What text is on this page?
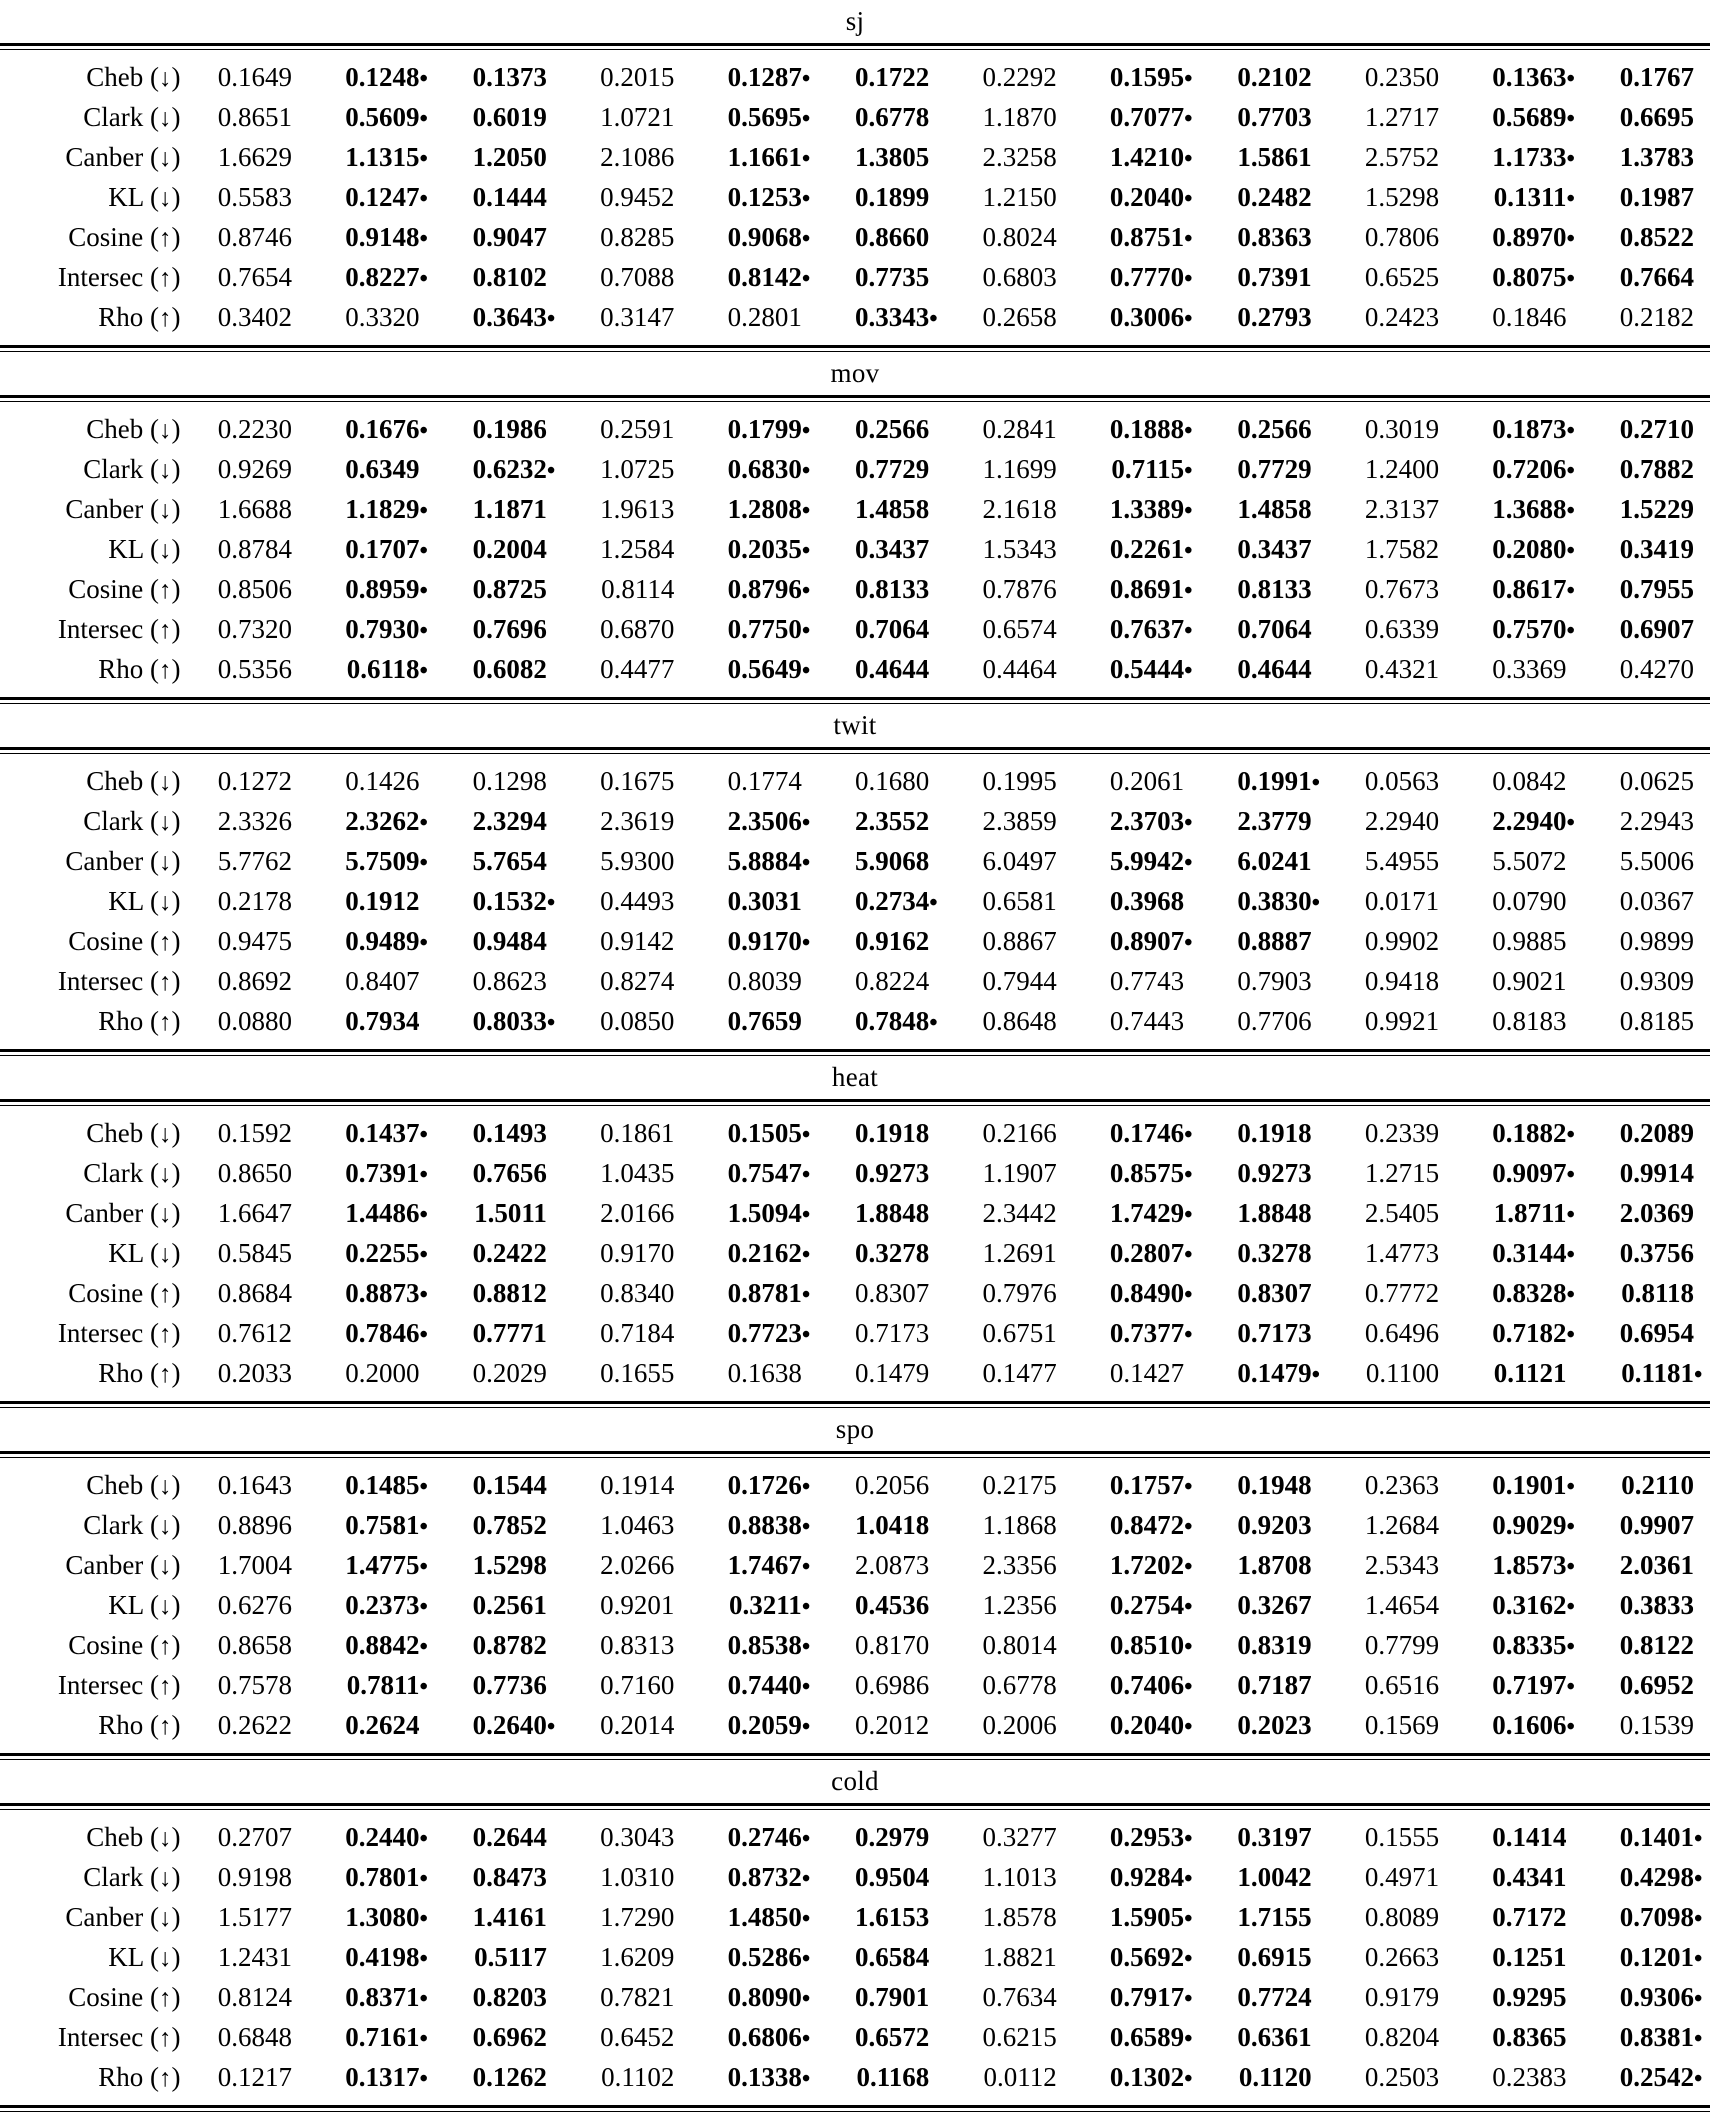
sj
Cheb (↓)	0.1649	0.1248•	0.1373	0.2015	0.1287•	0.1722	0.2292	0.1595•	0.2102	0.2350	0.1363•	0.1767
Clark (↓)	0.8651	0.5609•	0.6019	1.0721	0.5695•	0.6778	1.1870	0.7077•	0.7703	1.2717	0.5689•	0.6695
Canber (↓)	1.6629	1.1315•	1.2050	2.1086	1.1661•	1.3805	2.3258	1.4210•	1.5861	2.5752	1.1733•	1.3783
KL (↓)	0.5583	0.1247•	0.1444	0.9452	0.1253•	0.1899	1.2150	0.2040•	0.2482	1.5298	0.1311•	0.1987
Cosine (↑)	0.8746	0.9148•	0.9047	0.8285	0.9068•	0.8660	0.8024	0.8751•	0.8363	0.7806	0.8970•	0.8522
Intersec (↑)	0.7654	0.8227•	0.8102	0.7088	0.8142•	0.7735	0.6803	0.7770•	0.7391	0.6525	0.8075•	0.7664
Rho (↑)	0.3402	0.3320	0.3643•	0.3147	0.2801	0.3343•	0.2658	0.3006•	0.2793	0.2423	0.1846	0.2182
mov
Cheb (↓)	0.2230	0.1676•	0.1986	0.2591	0.1799•	0.2566	0.2841	0.1888•	0.2566	0.3019	0.1873•	0.2710
Clark (↓)	0.9269	0.6349	0.6232•	1.0725	0.6830•	0.7729	1.1699	0.7115•	0.7729	1.2400	0.7206•	0.7882
Canber (↓)	1.6688	1.1829•	1.1871	1.9613	1.2808•	1.4858	2.1618	1.3389•	1.4858	2.3137	1.3688•	1.5229
KL (↓)	0.8784	0.1707•	0.2004	1.2584	0.2035•	0.3437	1.5343	0.2261•	0.3437	1.7582	0.2080•	0.3419
Cosine (↑)	0.8506	0.8959•	0.8725	0.8114	0.8796•	0.8133	0.7876	0.8691•	0.8133	0.7673	0.8617•	0.7955
Intersec (↑)	0.7320	0.7930•	0.7696	0.6870	0.7750•	0.7064	0.6574	0.7637•	0.7064	0.6339	0.7570•	0.6907
Rho (↑)	0.5356	0.6118•	0.6082	0.4477	0.5649•	0.4644	0.4464	0.5444•	0.4644	0.4321	0.3369	0.4270
twit
Cheb (↓)	0.1272	0.1426	0.1298	0.1675	0.1774	0.1680	0.1995	0.2061	0.1991•	0.0563	0.0842	0.0625
Clark (↓)	2.3326	2.3262•	2.3294	2.3619	2.3506•	2.3552	2.3859	2.3703•	2.3779	2.2940	2.2940•	2.2943
Canber (↓)	5.7762	5.7509•	5.7654	5.9300	5.8884•	5.9068	6.0497	5.9942•	6.0241	5.4955	5.5072	5.5006
KL (↓)	0.2178	0.1912	0.1532•	0.4493	0.3031	0.2734•	0.6581	0.3968	0.3830•	0.0171	0.0790	0.0367
Cosine (↑)	0.9475	0.9489•	0.9484	0.9142	0.9170•	0.9162	0.8867	0.8907•	0.8887	0.9902	0.9885	0.9899
Intersec (↑)	0.8692	0.8407	0.8623	0.8274	0.8039	0.8224	0.7944	0.7743	0.7903	0.9418	0.9021	0.9309
Rho (↑)	0.0880	0.7934	0.8033•	0.0850	0.7659	0.7848•	0.8648	0.7443	0.7706	0.9921	0.8183	0.8185
heat
Cheb (↓)	0.1592	0.1437•	0.1493	0.1861	0.1505•	0.1918	0.2166	0.1746•	0.1918	0.2339	0.1882•	0.2089
Clark (↓)	0.8650	0.7391•	0.7656	1.0435	0.7547•	0.9273	1.1907	0.8575•	0.9273	1.2715	0.9097•	0.9914
Canber (↓)	1.6647	1.4486•	1.5011	2.0166	1.5094•	1.8848	2.3442	1.7429•	1.8848	2.5405	1.8711•	2.0369
KL (↓)	0.5845	0.2255•	0.2422	0.9170	0.2162•	0.3278	1.2691	0.2807•	0.3278	1.4773	0.3144•	0.3756
Cosine (↑)	0.8684	0.8873•	0.8812	0.8340	0.8781•	0.8307	0.7976	0.8490•	0.8307	0.7772	0.8328•	0.8118
Intersec (↑)	0.7612	0.7846•	0.7771	0.7184	0.7723•	0.7173	0.6751	0.7377•	0.7173	0.6496	0.7182•	0.6954
Rho (↑)	0.2033	0.2000	0.2029	0.1655	0.1638	0.1479	0.1477	0.1427	0.1479•	0.1100	0.1121	0.1181•
spo
Cheb (↓)	0.1643	0.1485•	0.1544	0.1914	0.1726•	0.2056	0.2175	0.1757•	0.1948	0.2363	0.1901•	0.2110
Clark (↓)	0.8896	0.7581•	0.7852	1.0463	0.8838•	1.0418	1.1868	0.8472•	0.9203	1.2684	0.9029•	0.9907
Canber (↓)	1.7004	1.4775•	1.5298	2.0266	1.7467•	2.0873	2.3356	1.7202•	1.8708	2.5343	1.8573•	2.0361
KL (↓)	0.6276	0.2373•	0.2561	0.9201	0.3211•	0.4536	1.2356	0.2754•	0.3267	1.4654	0.3162•	0.3833
Cosine (↑)	0.8658	0.8842•	0.8782	0.8313	0.8538•	0.8170	0.8014	0.8510•	0.8319	0.7799	0.8335•	0.8122
Intersec (↑)	0.7578	0.7811•	0.7736	0.7160	0.7440•	0.6986	0.6778	0.7406•	0.7187	0.6516	0.7197•	0.6952
Rho (↑)	0.2622	0.2624	0.2640•	0.2014	0.2059•	0.2012	0.2006	0.2040•	0.2023	0.1569	0.1606•	0.1539
cold
Cheb (↓)	0.2707	0.2440•	0.2644	0.3043	0.2746•	0.2979	0.3277	0.2953•	0.3197	0.1555	0.1414	0.1401•
Clark (↓)	0.9198	0.7801•	0.8473	1.0310	0.8732•	0.9504	1.1013	0.9284•	1.0042	0.4971	0.4341	0.4298•
Canber (↓)	1.5177	1.3080•	1.4161	1.7290	1.4850•	1.6153	1.8578	1.5905•	1.7155	0.8089	0.7172	0.7098•
KL (↓)	1.2431	0.4198•	0.5117	1.6209	0.5286•	0.6584	1.8821	0.5692•	0.6915	0.2663	0.1251	0.1201•
Cosine (↑)	0.8124	0.8371•	0.8203	0.7821	0.8090•	0.7901	0.7634	0.7917•	0.7724	0.9179	0.9295	0.9306•
Intersec (↑)	0.6848	0.7161•	0.6962	0.6452	0.6806•	0.6572	0.6215	0.6589•	0.6361	0.8204	0.8365	0.8381•
Rho (↑)	0.1217	0.1317•	0.1262	0.1102	0.1338•	0.1168	0.0112	0.1302•	0.1120	0.2503	0.2383	0.2542•
